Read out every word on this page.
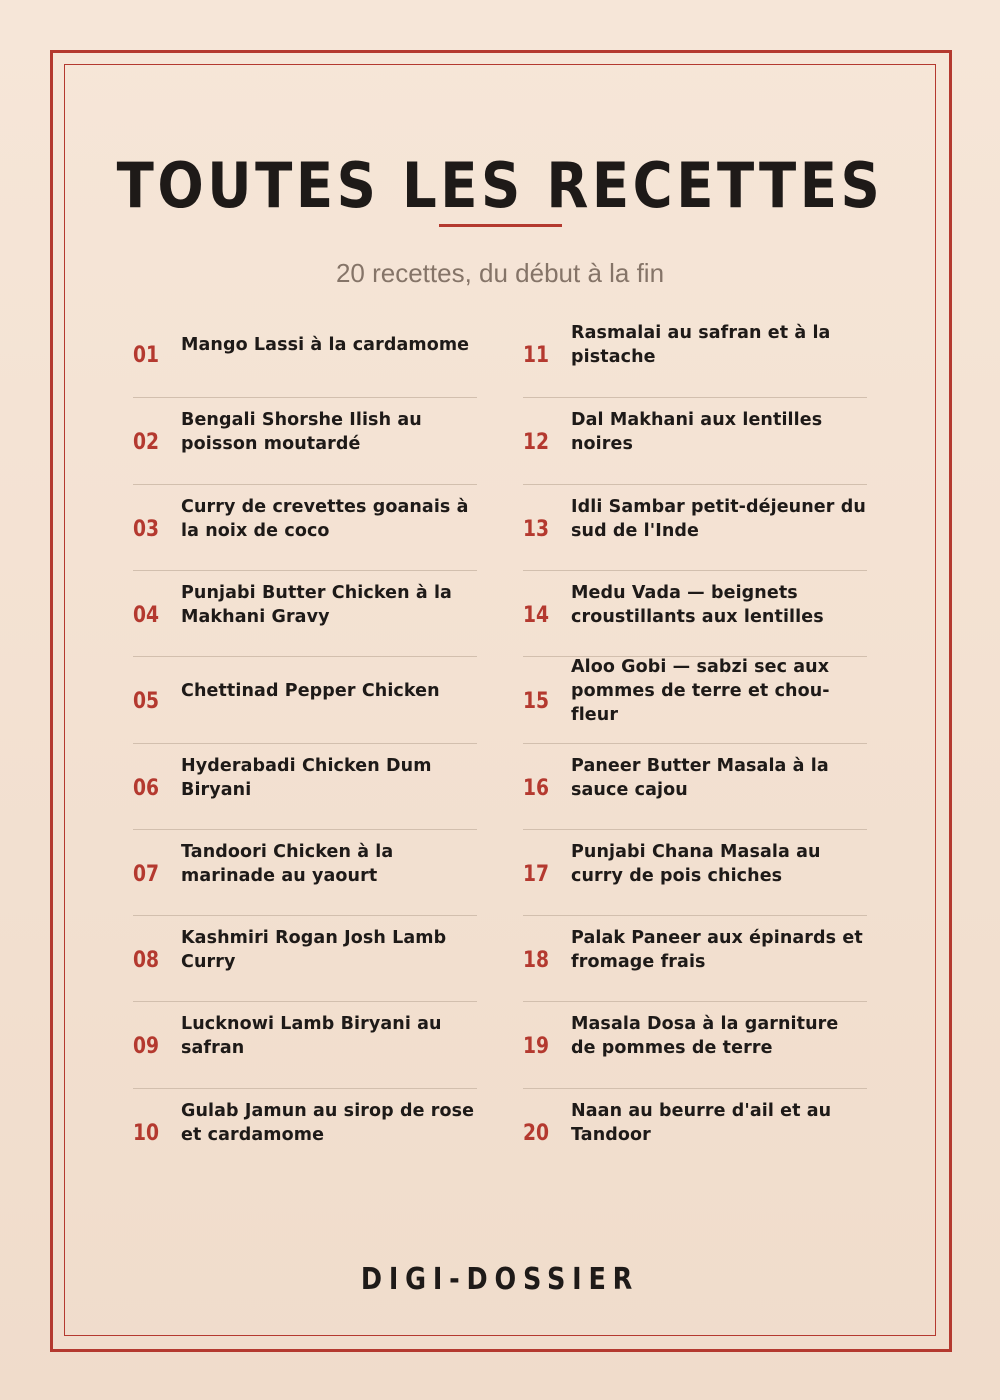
TOUTES LES RECETTES
20 recettes, du début à la fin
01	Mango Lassi à la cardamome
02
Bengali Shorshe Ilish au poisson moutardé
03
Curry de crevettes goanais à la noix de coco
04
Punjabi Butter Chicken à la Makhani Gravy
05	Chettinad Pepper Chicken
06
Hyderabadi Chicken Dum Biryani
07
Tandoori Chicken à la marinade au yaourt
08
Kashmiri Rogan Josh Lamb Curry
09
Lucknowi Lamb Biryani au safran
10
Gulab Jamun au sirop de rose et cardamome
11
Rasmalai au safran et à la pistache
12
Dal Makhani aux lentilles noires
13
Idli Sambar petit-déjeuner du sud de l'Inde
14
Medu Vada — beignets croustillants aux lentilles
15
Aloo Gobi — sabzi sec aux pommes de terre et chou-fleur
16
Paneer Butter Masala à la sauce cajou
17
Punjabi Chana Masala au curry de pois chiches
18
Palak Paneer aux épinards et fromage frais
19
Masala Dosa à la garniture de pommes de terre
20
Naan au beurre d'ail et au Tandoor
DIGI-DOSSIER
